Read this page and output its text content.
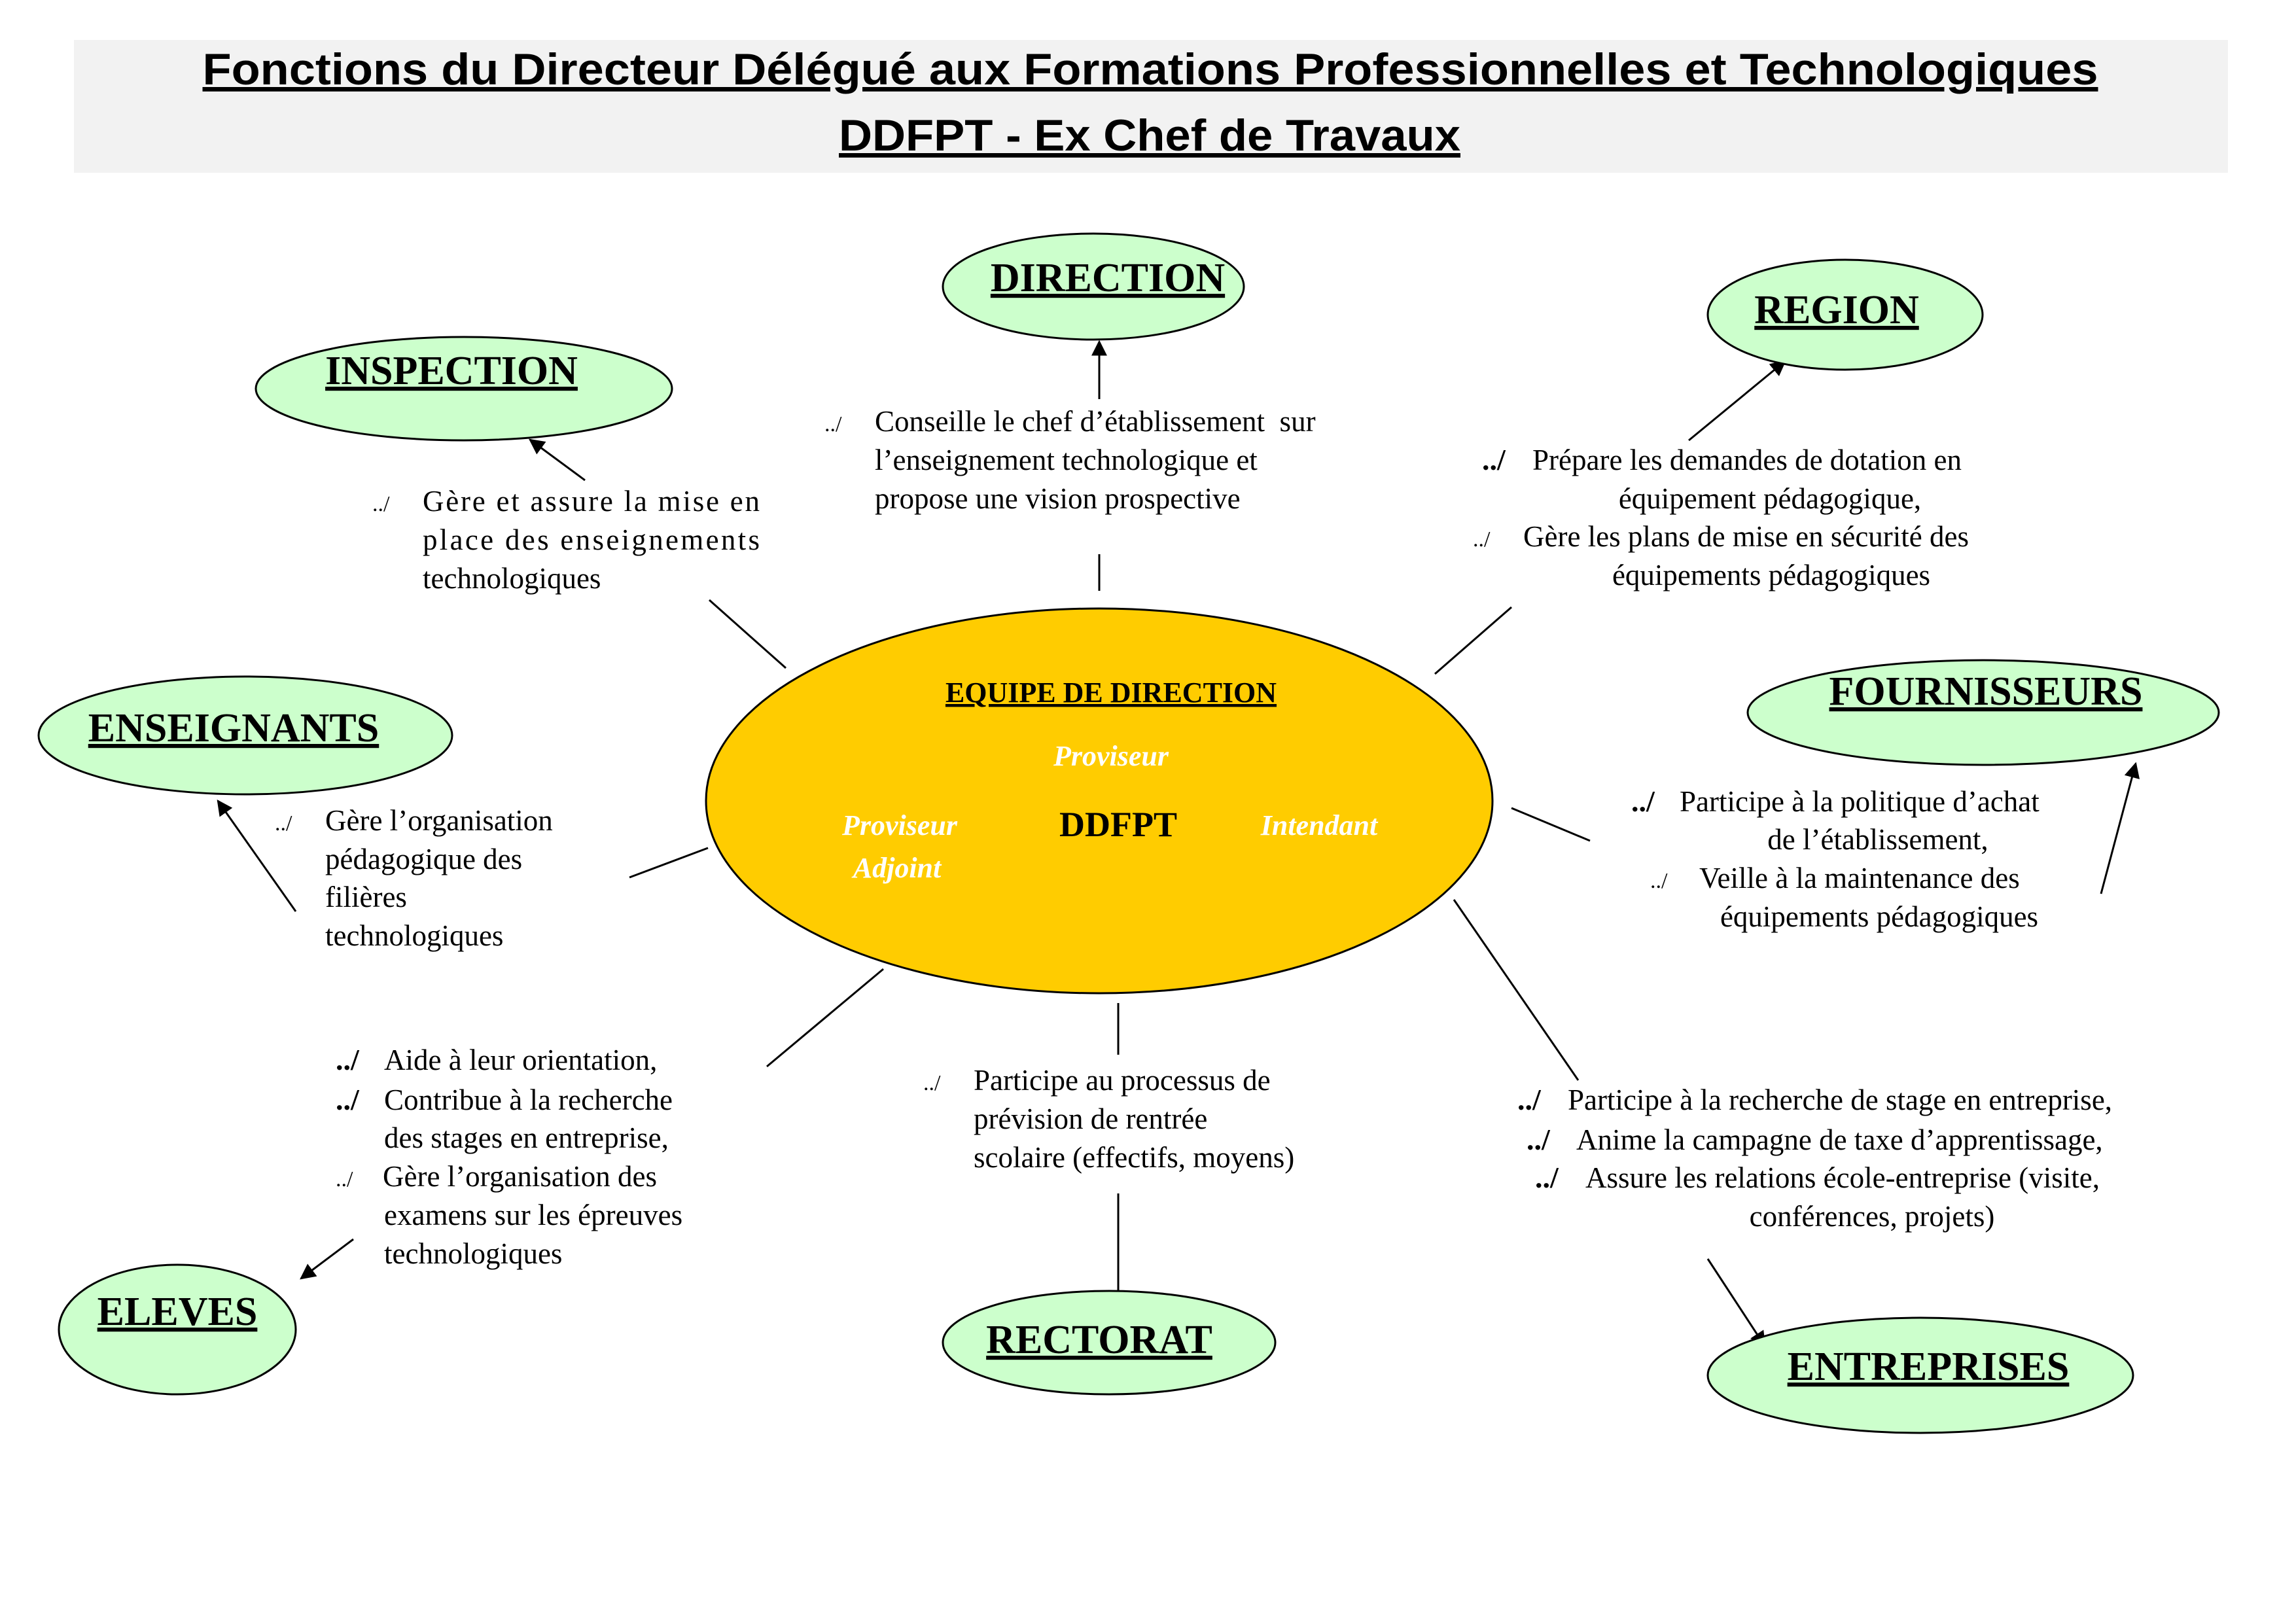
Fonctions du Directeur Délégué aux Formations Professionnelles et Technologiques
DDFPT - Ex Chef de Travaux
EQUIPE DE DIRECTION
Proviseur
Proviseur
Adjoint
DDFPT	Intendant
DIRECTION
../ Conseille le chef d’établissement  sur
l’enseignement technologique et
propose une vision prospective
INSPECTION
../ Gère et assure la mise en
place des enseignements
technologiques
REGION
../ Prépare les demandes de dotation en
équipement pédagogique,
../ Gère les plans de mise en sécurité des
équipements pédagogiques
ENSEIGNANTS
../ Gère l’organisation
pédagogique des
filières
technologiques
FOURNISSEURS
../ Participe à la politique d’achat
de l’établissement,
../ Veille à la maintenance des
équipements pédagogiques
ELEVES
../ Aide à leur orientation,
../ Contribue à la recherche
des stages en entreprise,
../ Gère l’organisation des
examens sur les épreuves
technologiques
RECTORAT
../ Participe au processus de
prévision de rentrée
scolaire (effectifs, moyens)
ENTREPRISES
../ Participe à la recherche de stage en entreprise,
../ Anime la campagne de taxe d’apprentissage,
../ Assure les relations école-entreprise (visite,
conférences, projets)
